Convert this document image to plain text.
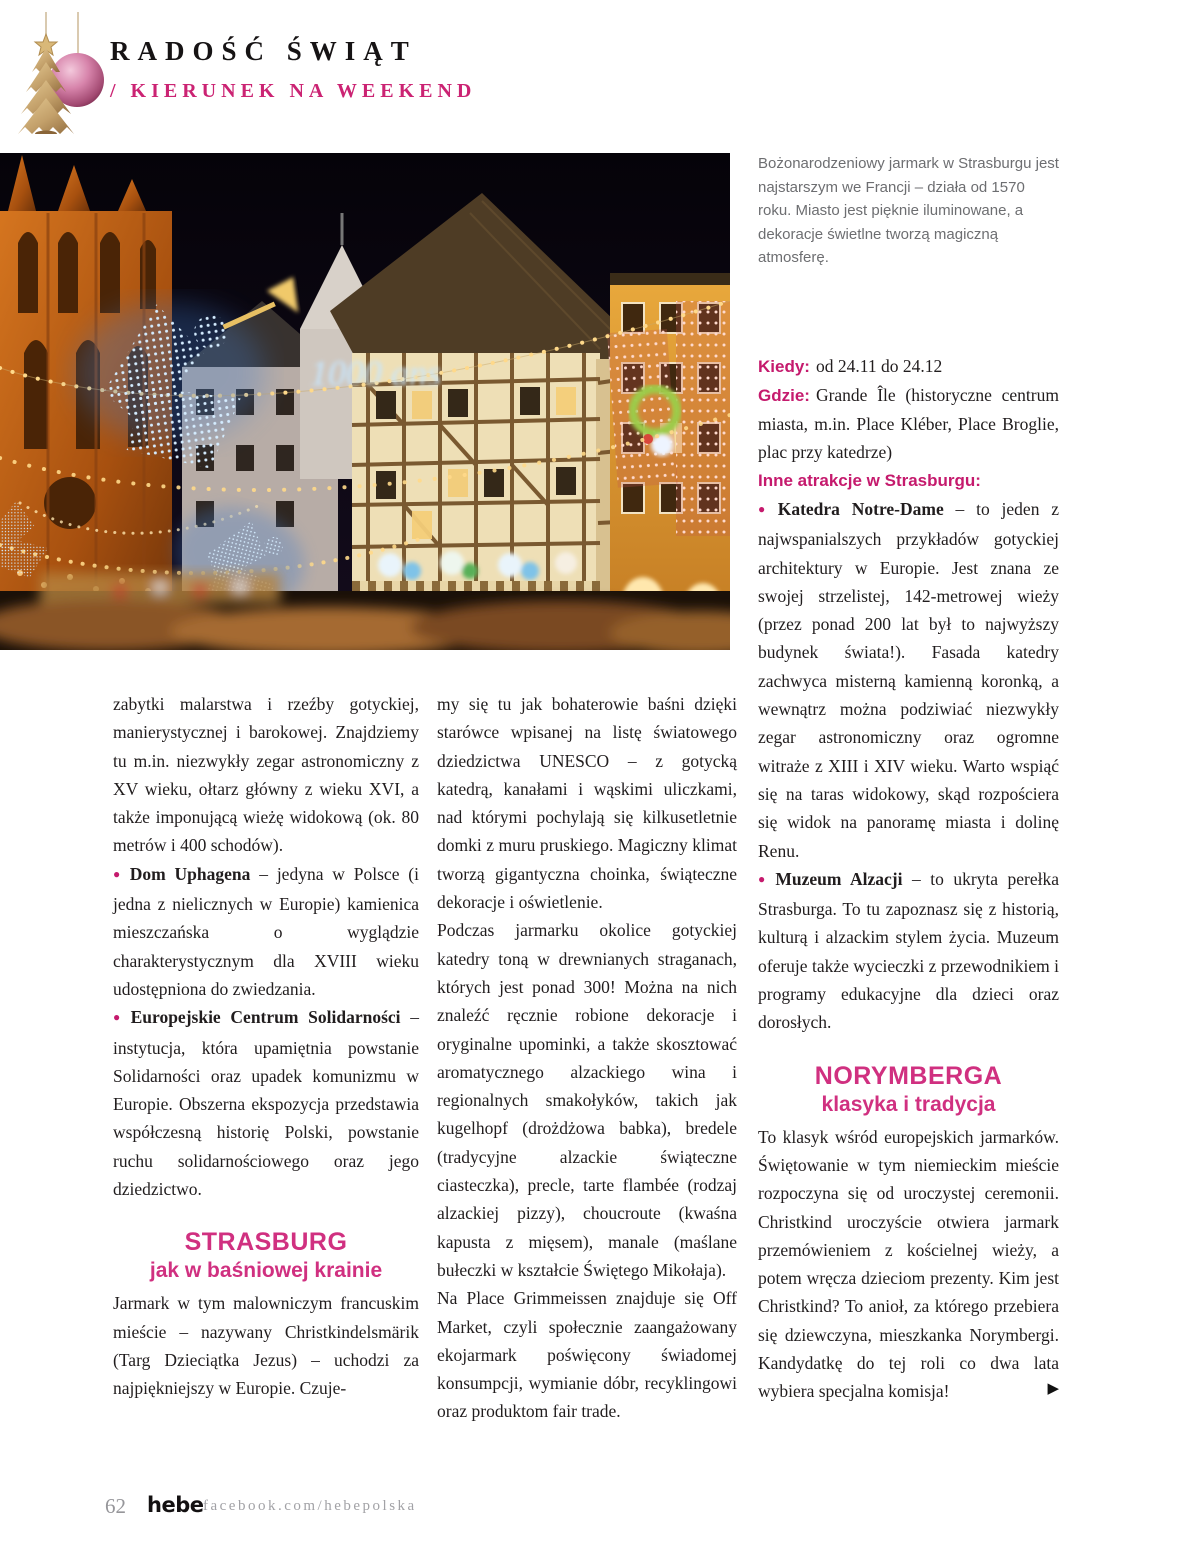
RADOŚĆ ŚWIĄT
/ KIERUNEK NA WEEKEND
1000 ans

zabytki malarstwa i rzeźby gotyckiej, manierystycznej i barokowej. Znajdziemy tu m.in. niezwykły zegar astronomiczny z XV wieku, ołtarz główny z wieku XVI, a także imponującą wieżę widokową (ok. 80 metrów i 400 schodów).

● Dom Uphagena – jedyna w Polsce (i jedna z nielicznych w Europie) kamienica mieszczańska o wyglądzie charakterystycznym dla XVIII wieku udostępniona do zwiedzania.

● Europejskie Centrum Solidarności – instytucja, która upamiętnia powstanie Solidarności oraz upadek komunizmu w Europie. Obszerna ekspozycja przedstawia współczesną historię Polski, powstanie ruchu solidarnościowego oraz jego dziedzictwo.

STRASBURG
jak w baśniowej krainie

Jarmark w tym malowniczym francuskim mieście – nazywany Christkindelsmärik (Targ Dzieciątka Jezus) – uchodzi za najpiękniejszy w Europie. Czuje-

my się tu jak bohaterowie baśni dzięki starówce wpisanej na listę światowego dziedzictwa UNESCO – z gotycką katedrą, kanałami i wąskimi uliczkami, nad którymi pochylają się kilkusetletnie domki z muru pruskiego. Magiczny klimat tworzą gigantyczna choinka, świąteczne dekoracje i oświetlenie.

Podczas jarmarku okolice gotyckiej katedry toną w drewnianych straganach, których jest ponad 300! Można na nich znaleźć ręcznie robione dekoracje i oryginalne upominki, a także skosztować aromatycznego alzackiego wina i regionalnych smakołyków, takich jak kugelhopf (drożdżowa babka), bredele (tradycyjne alzackie świąteczne ciasteczka), precle, tarte flambée (rodzaj alzackiej pizzy), choucroute (kwaśna kapusta z mięsem), manale (maślane bułeczki w kształcie Świętego Mikołaja).

Na Place Grimmeissen znajduje się Off Market, czyli społecznie zaangażowany ekojarmark poświęcony świadomej konsumpcji, wymianie dóbr, recyklingowi oraz produktom fair trade.

Bożonarodzeniowy jarmark w Strasburgu jest najstarszym we Francji – działa od 1570 roku. Miasto jest pięknie iluminowane, a dekoracje świetlne tworzą magiczną atmosferę.

Kiedy: od 24.11 do 24.12

Gdzie: Grande Île (historyczne centrum miasta, m.in. Place Kléber, Place Broglie, plac przy katedrze)

Inne atrakcje w Strasburgu:

● Katedra Notre-Dame – to jeden z najwspanialszych przykładów gotyckiej architektury w Europie. Jest znana ze swojej strzelistej, 142-metrowej wieży (przez ponad 200 lat był to najwyższy budynek świata!). Fasada katedry zachwyca misterną kamienną koronką, a wewnątrz można podziwiać niezwykły zegar astronomiczny oraz ogromne witraże z XIII i XIV wieku. Warto wspiąć się na taras widokowy, skąd rozpościera się widok na panoramę miasta i dolinę Renu.

● Muzeum Alzacji – to ukryta perełka Strasburga. To tu zapoznasz się z historią, kulturą i alzackim stylem życia. Muzeum oferuje także wycieczki z przewodnikiem i programy edukacyjne dla dzieci oraz dorosłych.

NORYMBERGA
klasyka i tradycja

To klasyk wśród europejskich jarmarków. Świętowanie w tym niemieckim mieście rozpoczyna się od uroczystej ceremonii. Christkind uroczyście otwiera jarmark przemówieniem z kościelnej wieży, a potem wręcza dzieciom prezenty. Kim jest Christkind? To anioł, za którego przebiera się dziewczyna, mieszkanka Norymbergi. Kandydatkę do tej roli co dwa lata wybiera specjalna komisja!	▶

62 hebe facebook.com/hebepolska
